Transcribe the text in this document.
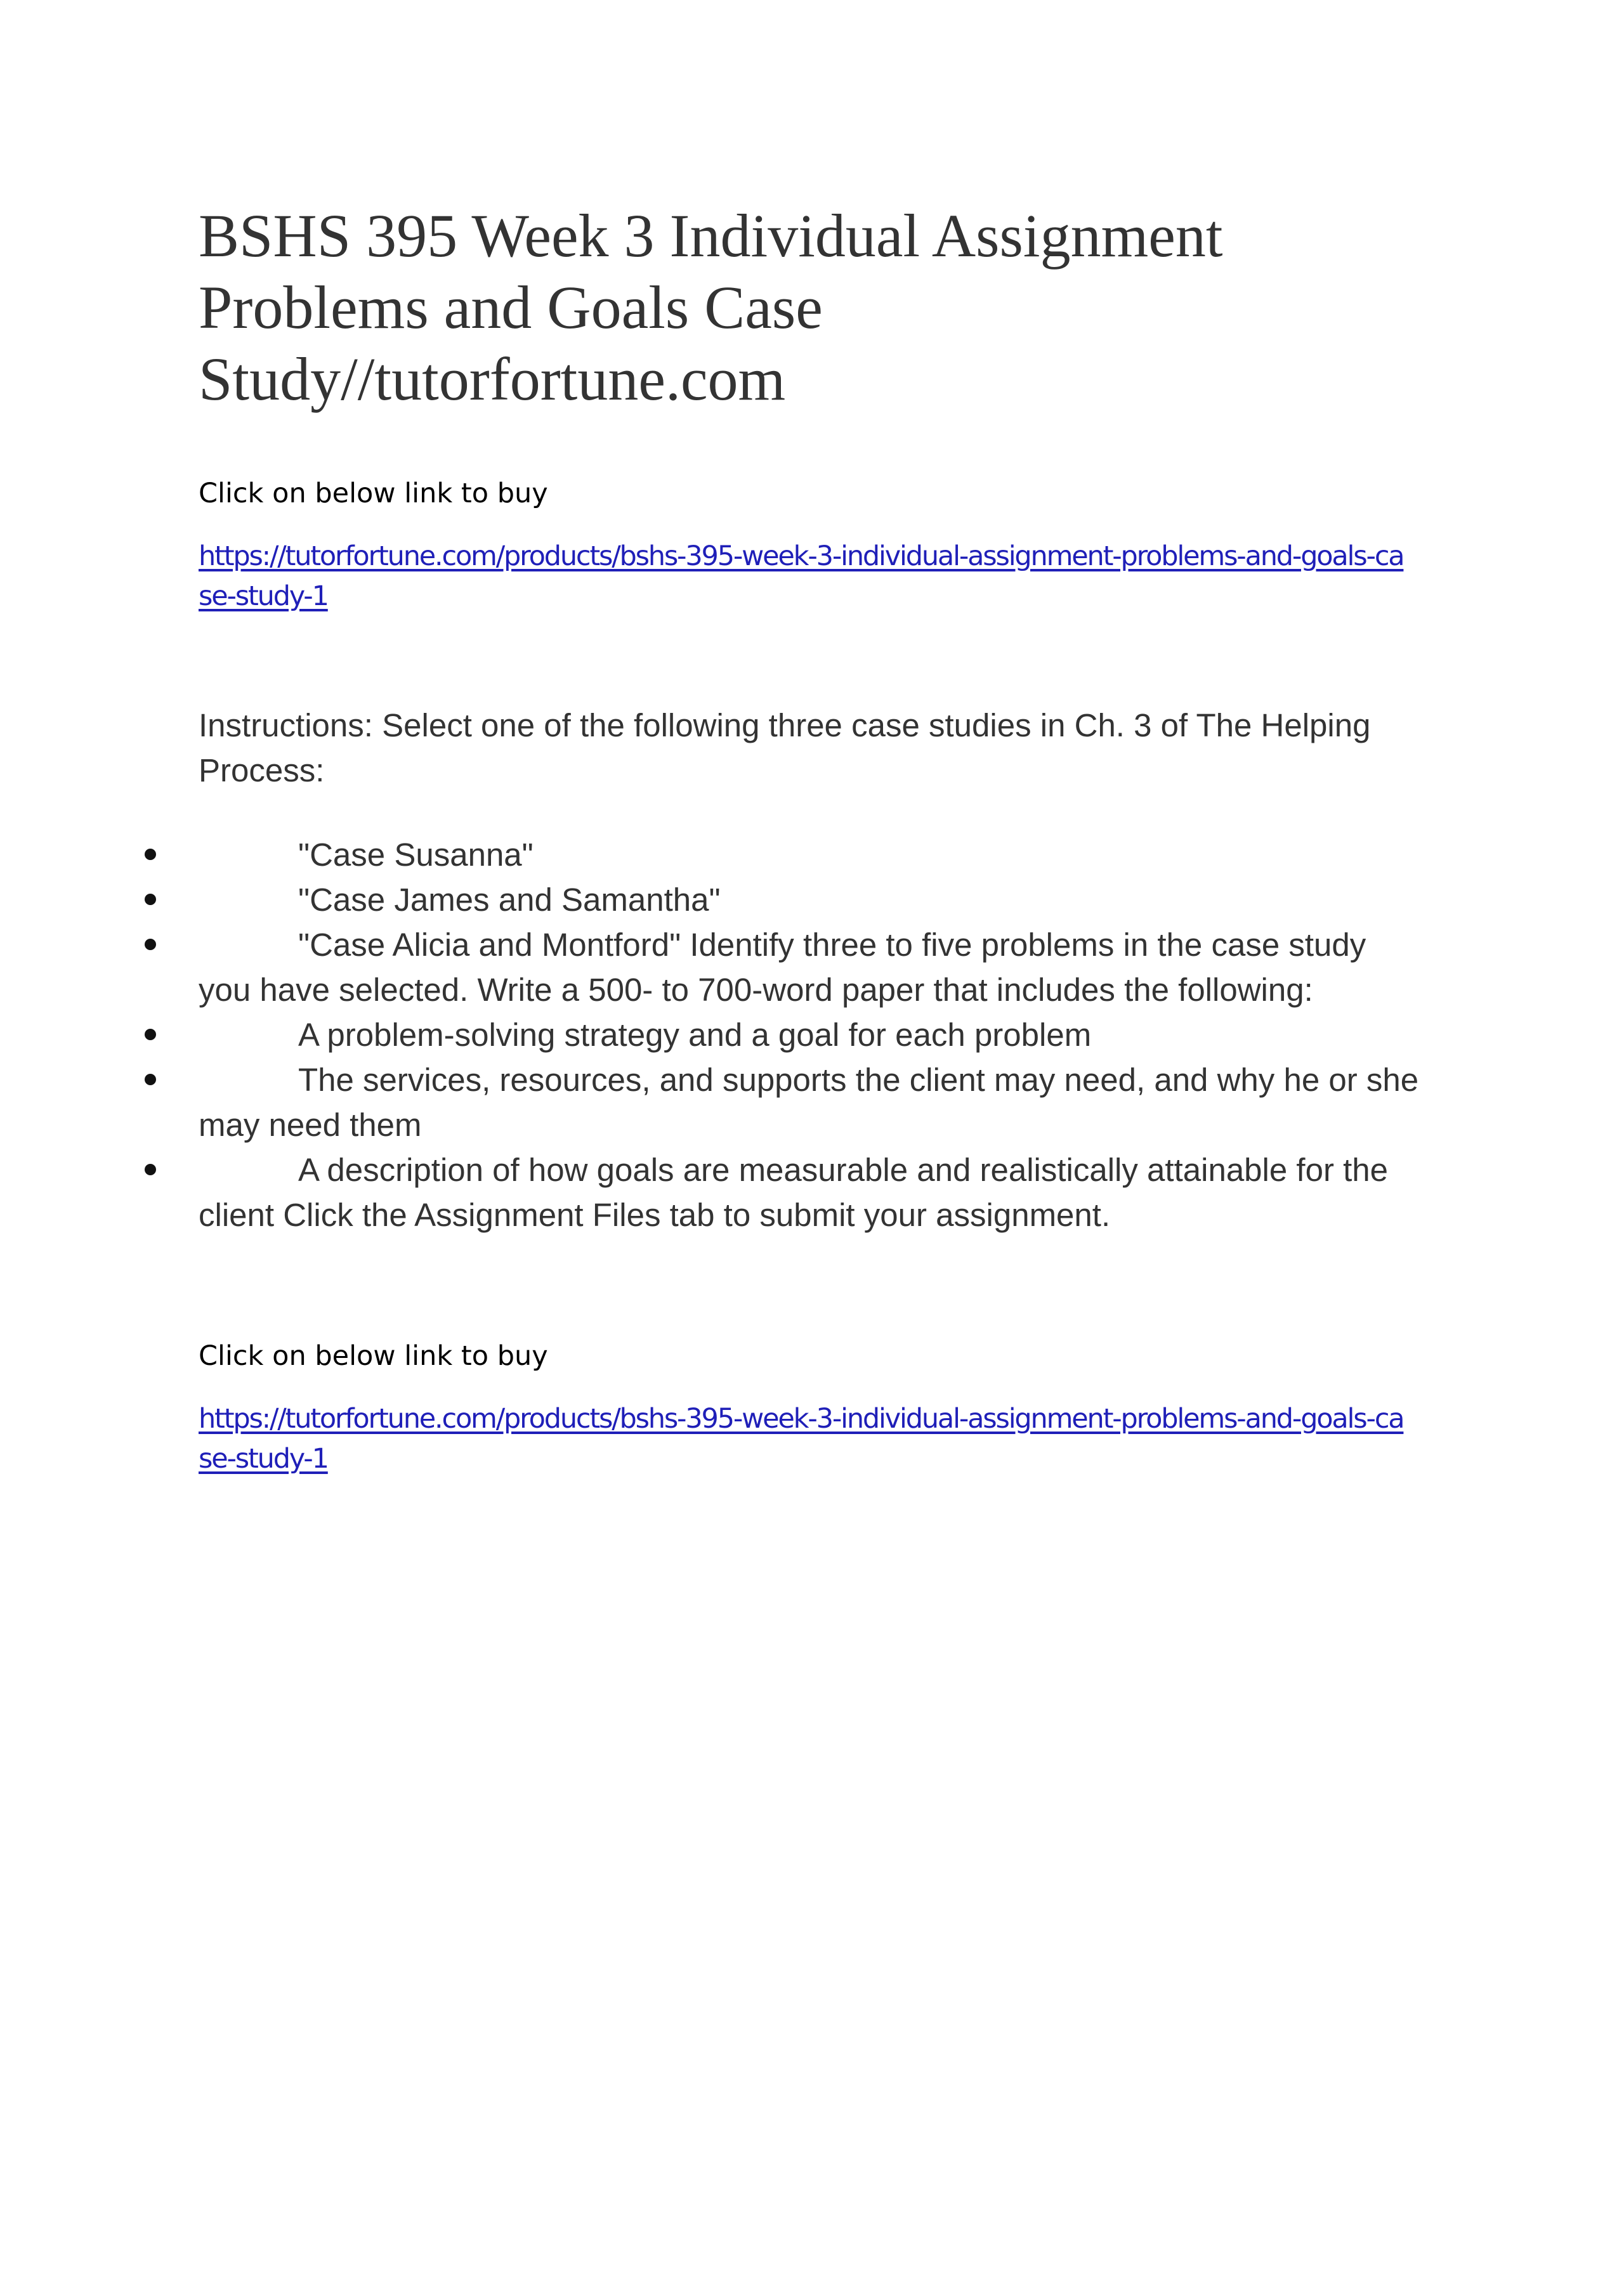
BSHS 395 Week 3 Individual Assignment Problems and Goals Case Study//tutorfortune.com

Click on below link to buy

https://tutorfortune.com/products/bshs-395-week-3-individual-assignment-problems-and-goals-case-study-1

Instructions: Select one of the following three case studies in Ch. 3 of The Helping Process:

"Case Susanna"
"Case James and Samantha"
"Case Alicia and Montford" Identify three to five problems in the case study you have selected. Write a 500- to 700-word paper that includes the following:
A problem-solving strategy and a goal for each problem
The services, resources, and supports the client may need, and why he or she may need them
A description of how goals are measurable and realistically attainable for the client Click the Assignment Files tab to submit your assignment.

Click on below link to buy

https://tutorfortune.com/products/bshs-395-week-3-individual-assignment-problems-and-goals-case-study-1
